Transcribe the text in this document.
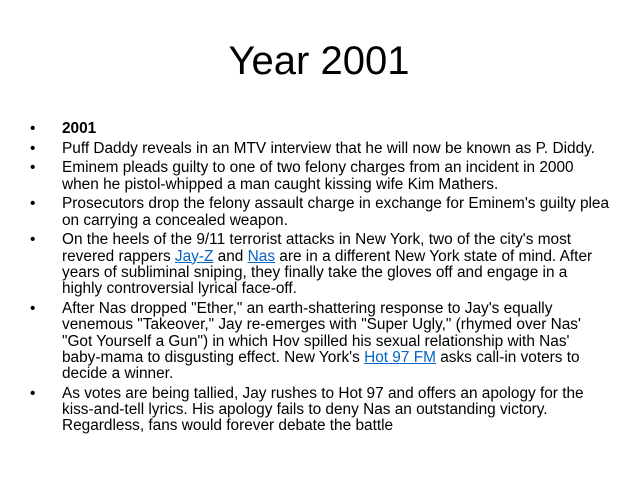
Year 2001
•	2001
•	Puff Daddy reveals in an MTV interview that he will now be known as P. Diddy.
•	Eminem pleads guilty to one of two felony charges from an incident in 2000 when he pistol-whipped a man caught kissing wife Kim Mathers.
•	Prosecutors drop the felony assault charge in exchange for Eminem's guilty plea on carrying a concealed weapon.
•	On the heels of the 9/11 terrorist attacks in New York, two of the city's most revered rappers Jay-Z and Nas are in a different New York state of mind. After years of subliminal sniping, they finally take the gloves off and engage in a highly controversial lyrical face-off.
•	After Nas dropped "Ether," an earth-shattering response to Jay's equally venemous "Takeover," Jay re-emerges with "Super Ugly," (rhymed over Nas' "Got Yourself a Gun") in which Hov spilled his sexual relationship with Nas' baby-mama to disgusting effect. New York's Hot 97 FM asks call-in voters to decide a winner.
•	As votes are being tallied, Jay rushes to Hot 97 and offers an apology for the kiss-and-tell lyrics. His apology fails to deny Nas an outstanding victory. Regardless, fans would forever debate the battle
